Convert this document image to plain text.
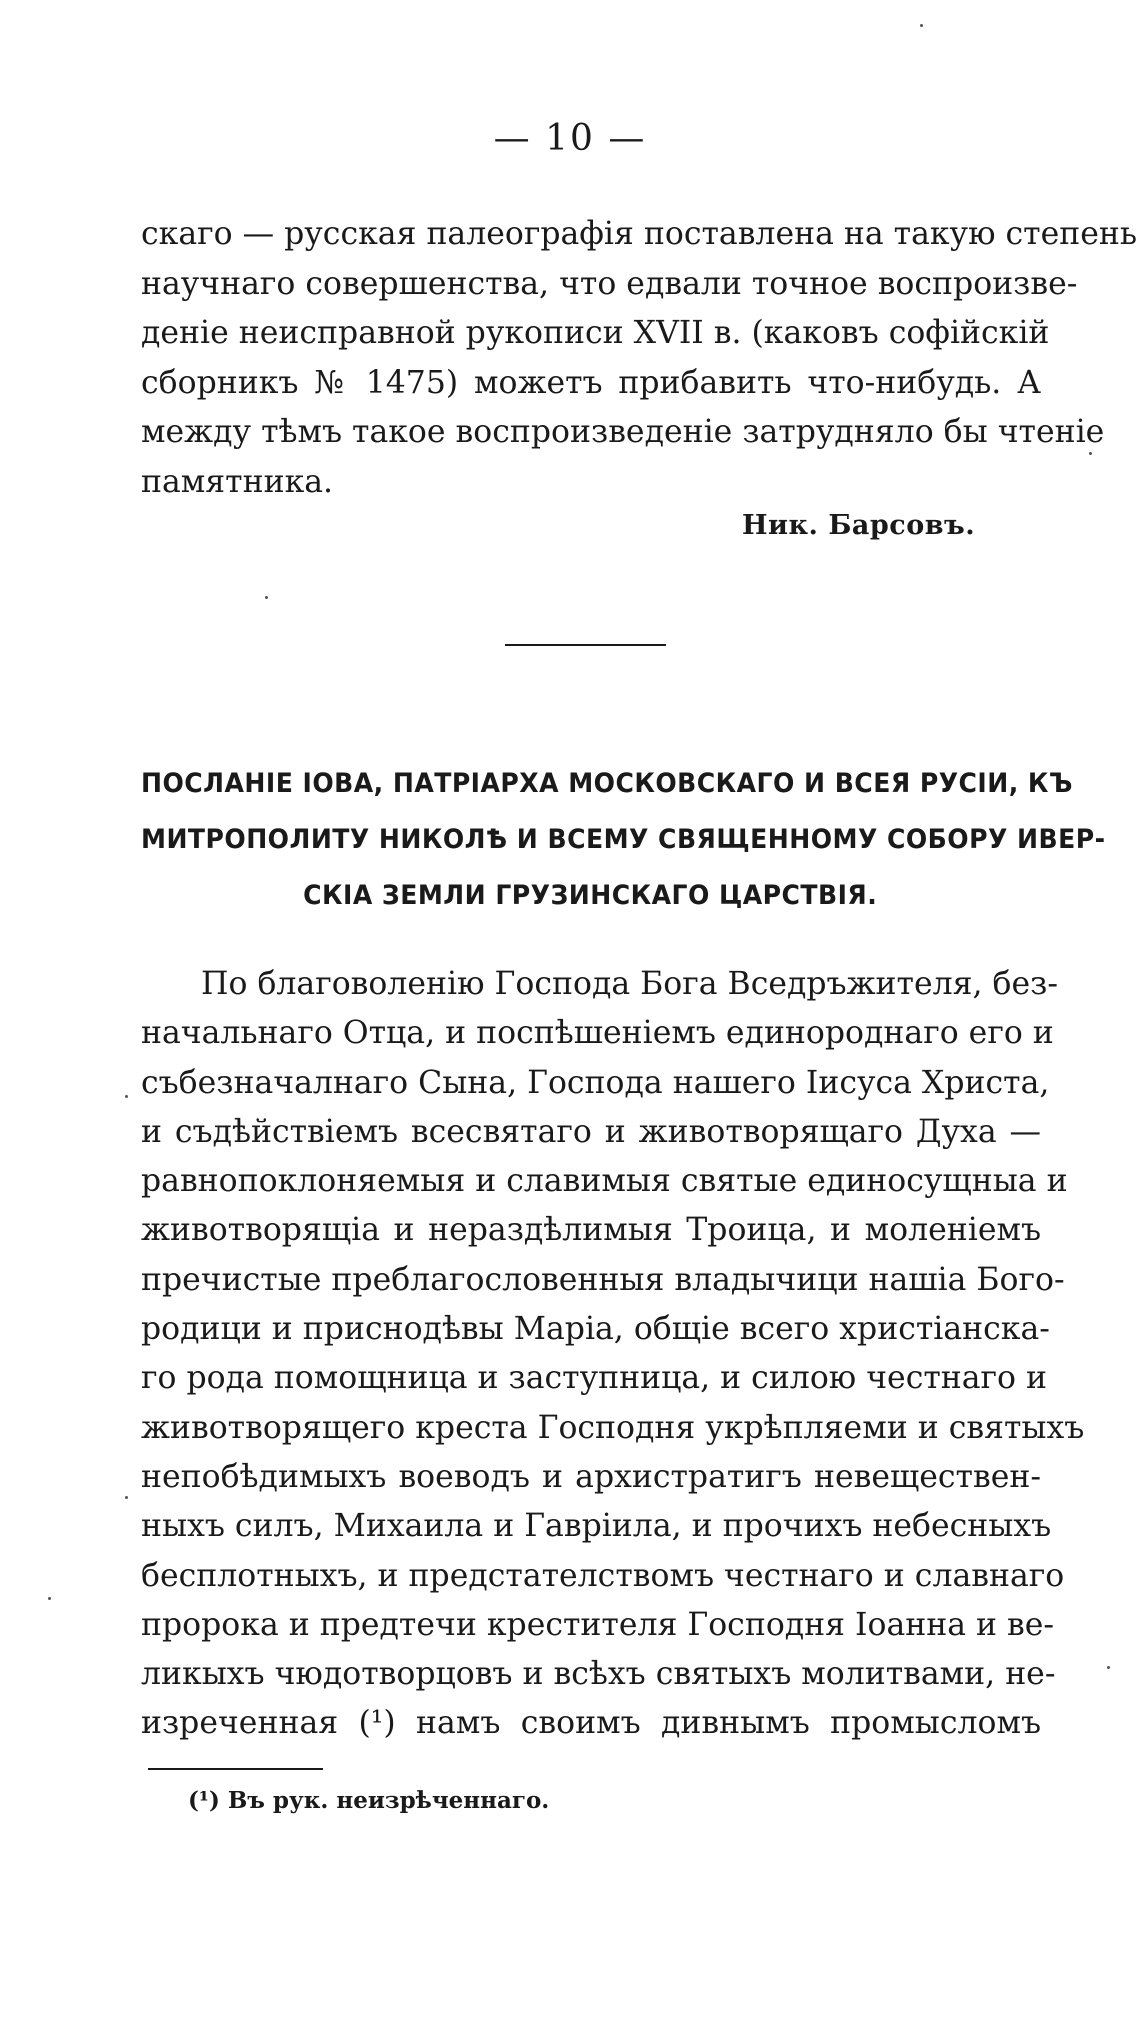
— 10 —
скаго — русская палеографія поставлена на такую степень
научнаго совершенства, что едвали точное воспроизве-
деніе неисправной рукописи XVII в. (каковъ софійскій
сборникъ № 1475) можетъ прибавить что-нибудь. А
между тѣмъ такое воспроизведеніе затрудняло бы чтеніе
памятника.
Ник. Барсовъ.
ПОСЛАНІЕ ІОВА, ПАТРІАРХА МОСКОВСКАГО И ВСЕЯ РУСІИ, КЪ
МИТРОПОЛИТУ НИКОЛѢ И ВСЕМУ СВЯЩЕННОМУ СОБОРУ ИВЕР-
СКІА ЗЕМЛИ ГРУЗИНСКАГО ЦАРСТВІЯ.
По благоволенію Господа Бога Вседръжителя, без-
начальнаго Отца, и поспѣшеніемъ единороднаго его и
събезначалнаго Сына, Господа нашего Іисуса Христа,
и съдѣйствіемъ всесвятаго и животворящаго Духа —
равнопоклоняемыя и славимыя святые единосущныа и
животворящіа и нераздѣлимыя Троица, и моленіемъ
пречистые преблагословенныя владычици нашіа Бого-
родици и приснодѣвы Маріа, общіе всего христіанска-
го рода помощница и заступница, и силою честнаго и
животворящего креста Господня укрѣпляеми и святыхъ
непобѣдимыхъ воеводъ и архистратигъ невеществен-
ныхъ силъ, Михаила и Гавріила, и прочихъ небесныхъ
бесплотныхъ, и предстателствомъ честнаго и славнаго
пророка и предтечи крестителя Господня Іоанна и ве-
ликыхъ чюдотворцовъ и всѣхъ святыхъ молитвами, не-
изреченная (¹) намъ своимъ дивнымъ промысломъ
(¹) Въ рук. неизрѣченнаго.
